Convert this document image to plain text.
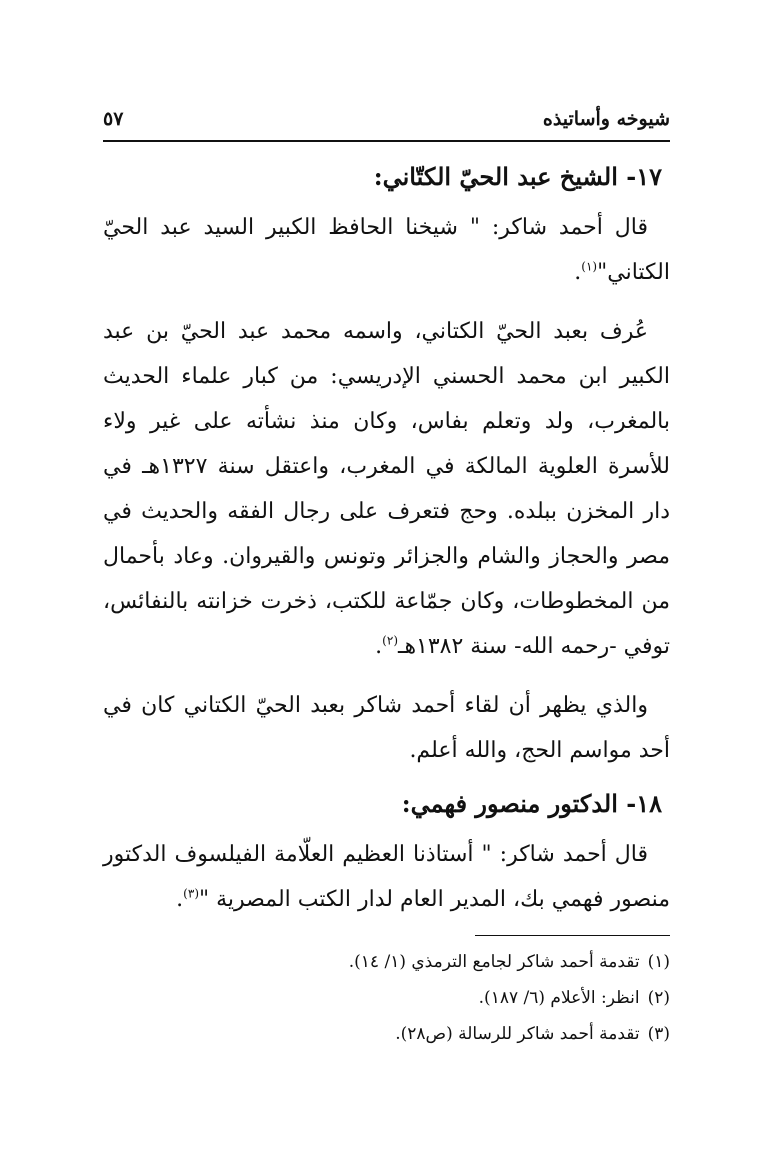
شيوخه وأساتيذه
٥٧
١٧- الشيخ عبد الحيّ الكتّاني:

قال أحمد شاكر: " شيخنا الحافظ الكبير السيد عبد الحيّ الكتاني"$^{(١)}$.

عُرف بعبد الحيّ الكتاني، واسمه محمد عبد الحيّ بن عبد الكبير ابن محمد الحسني الإدريسي: من كبار علماء الحديث بالمغرب، ولد وتعلم بفاس، وكان منذ نشأته على غير ولاء للأسرة العلوية المالكة في المغرب، واعتقل سنة ١٣٢٧هـ في دار المخزن ببلده. وحج فتعرف على رجال الفقه والحديث في مصر والحجاز والشام والجزائر وتونس والقيروان. وعاد بأحمال من المخطوطات، وكان جمّاعة للكتب، ذخرت خزانته بالنفائس، توفي -رحمه الله- سنة ١٣٨٢هـ$^{(٢)}$.

والذي يظهر أن لقاء أحمد شاكر بعبد الحيّ الكتاني كان في أحد مواسم الحج، والله أعلم.

١٨- الدكتور منصور فهمي:

قال أحمد شاكر: " أستاذنا العظيم العلّامة الفيلسوف الدكتور منصور فهمي بك، المدير العام لدار الكتب المصرية "$^{(٣)}$.

(١)
تقدمة أحمد شاكر لجامع الترمذي (١/ ١٤).
(٢)
انظر: الأعلام (٦/ ١٨٧).
(٣)
تقدمة أحمد شاكر للرسالة (ص٢٨).
